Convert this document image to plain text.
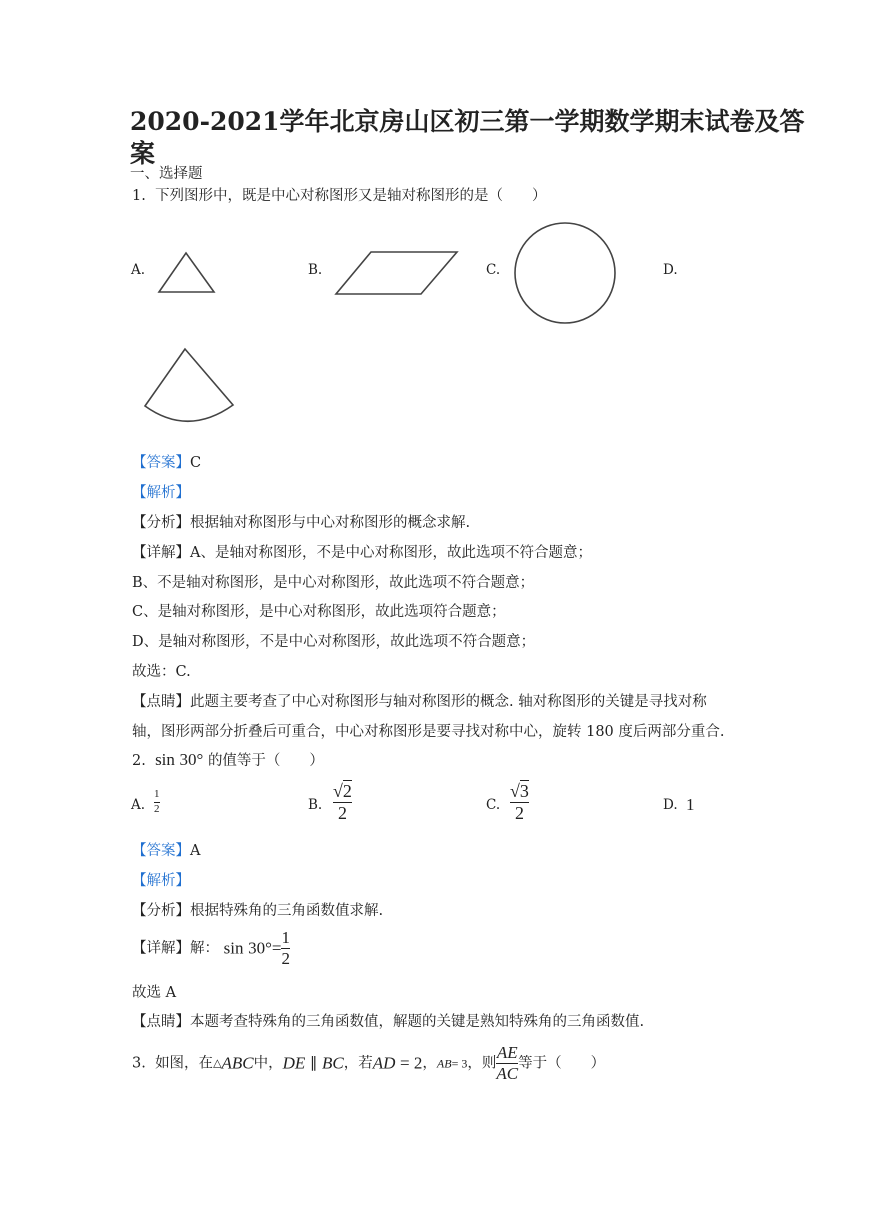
2020-2021学年北京房山区初三第一学期数学期末试卷及答
案
一、选择题
1. 下列图形中，既是中心对称图形又是轴对称图形的是（　　）
A.	B.	C.	D.
【答案】C
【解析】
【分析】根据轴对称图形与中心对称图形的概念求解.
【详解】A、是轴对称图形，不是中心对称图形，故此选项不符合题意；
B、不是轴对称图形，是中心对称图形，故此选项不符合题意；
C、是轴对称图形，是中心对称图形，故此选项符合题意；
D、是轴对称图形，不是中心对称图形，故此选项不符合题意；
故选：C.
【点睛】此题主要考查了中心对称图形与轴对称图形的概念. 轴对称图形的关键是寻找对称
轴，图形两部分折叠后可重合，中心对称图形是要寻找对称中心，旋转 180 度后两部分重合.
2. sin 30° 的值等于（　　）
A. $\frac{1}{2}$	B. $\frac{√2}{2}$	C. $\frac{√3}{2}$	D. 1
【答案】A
【解析】
【分析】根据特殊角的三角函数值求解.
【详解】解： $\sin 30^\circ= \frac{1}{2}$
故选 A
【点睛】本题考查特殊角的三角函数值，解题的关键是熟知特殊角的三角函数值.
3. 如图，在△ABC中，DE ∥ BC，若AD = 2，AB= 3，则 $\frac{AE}{AC}$ 等于（　　）
